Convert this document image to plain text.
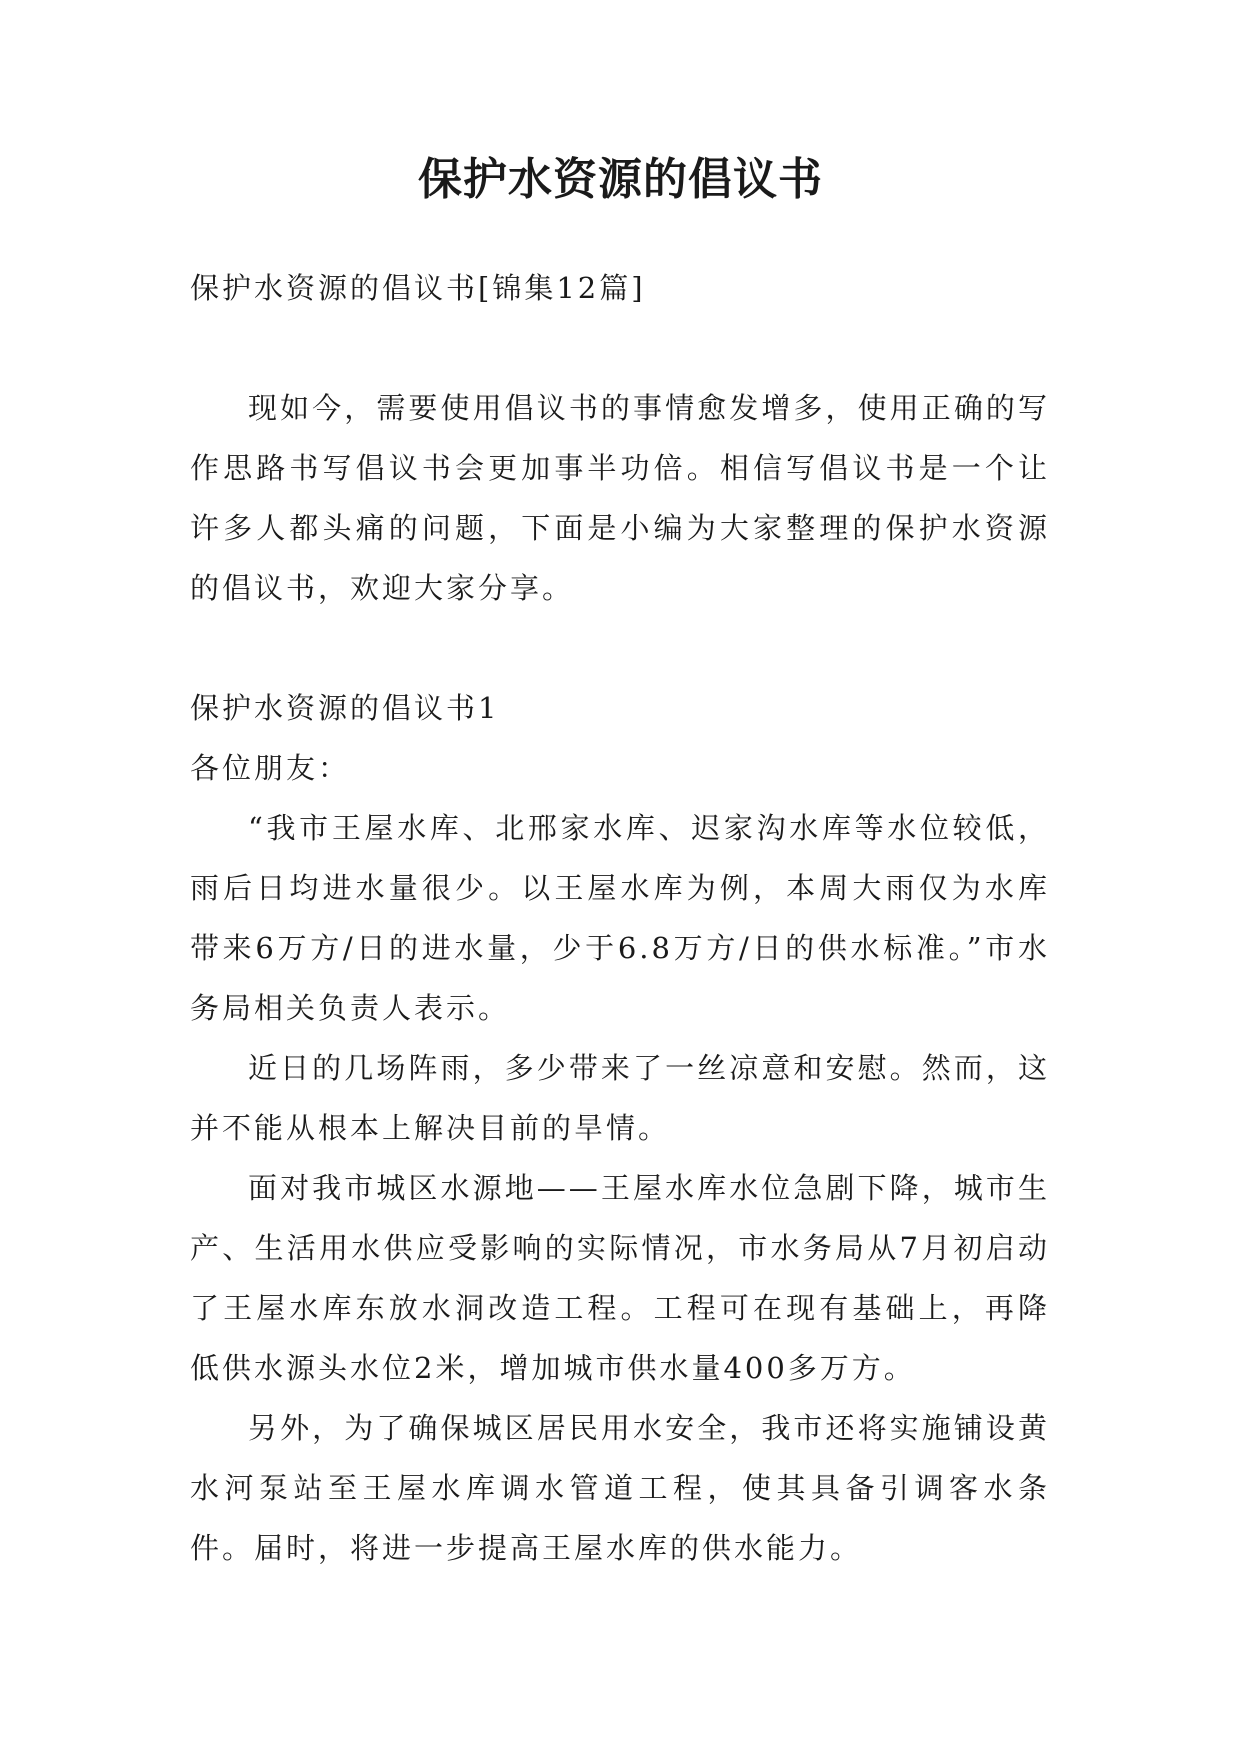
保护水资源的倡议书

保护水资源的倡议书[锦集12篇]

现如今，需要使用倡议书的事情愈发增多，使用正确的写作思路书写倡议书会更加事半功倍。相信写倡议书是一个让许多人都头痛的问题，下面是小编为大家整理的保护水资源的倡议书，欢迎大家分享。

保护水资源的倡议书1

各位朋友：

“我市王屋水库、北邢家水库、迟家沟水库等水位较低，雨后日均进水量很少。以王屋水库为例，本周大雨仅为水库带来6万方/日的进水量，少于6.8万方/日的供水标准。”市水务局相关负责人表示。

近日的几场阵雨，多少带来了一丝凉意和安慰。然而，这并不能从根本上解决目前的旱情。

面对我市城区水源地——王屋水库水位急剧下降，城市生产、生活用水供应受影响的实际情况，市水务局从7月初启动了王屋水库东放水洞改造工程。工程可在现有基础上，再降低供水源头水位2米，增加城市供水量400多万方。

另外，为了确保城区居民用水安全，我市还将实施铺设黄水河泵站至王屋水库调水管道工程，使其具备引调客水条件。届时，将进一步提高王屋水库的供水能力。
